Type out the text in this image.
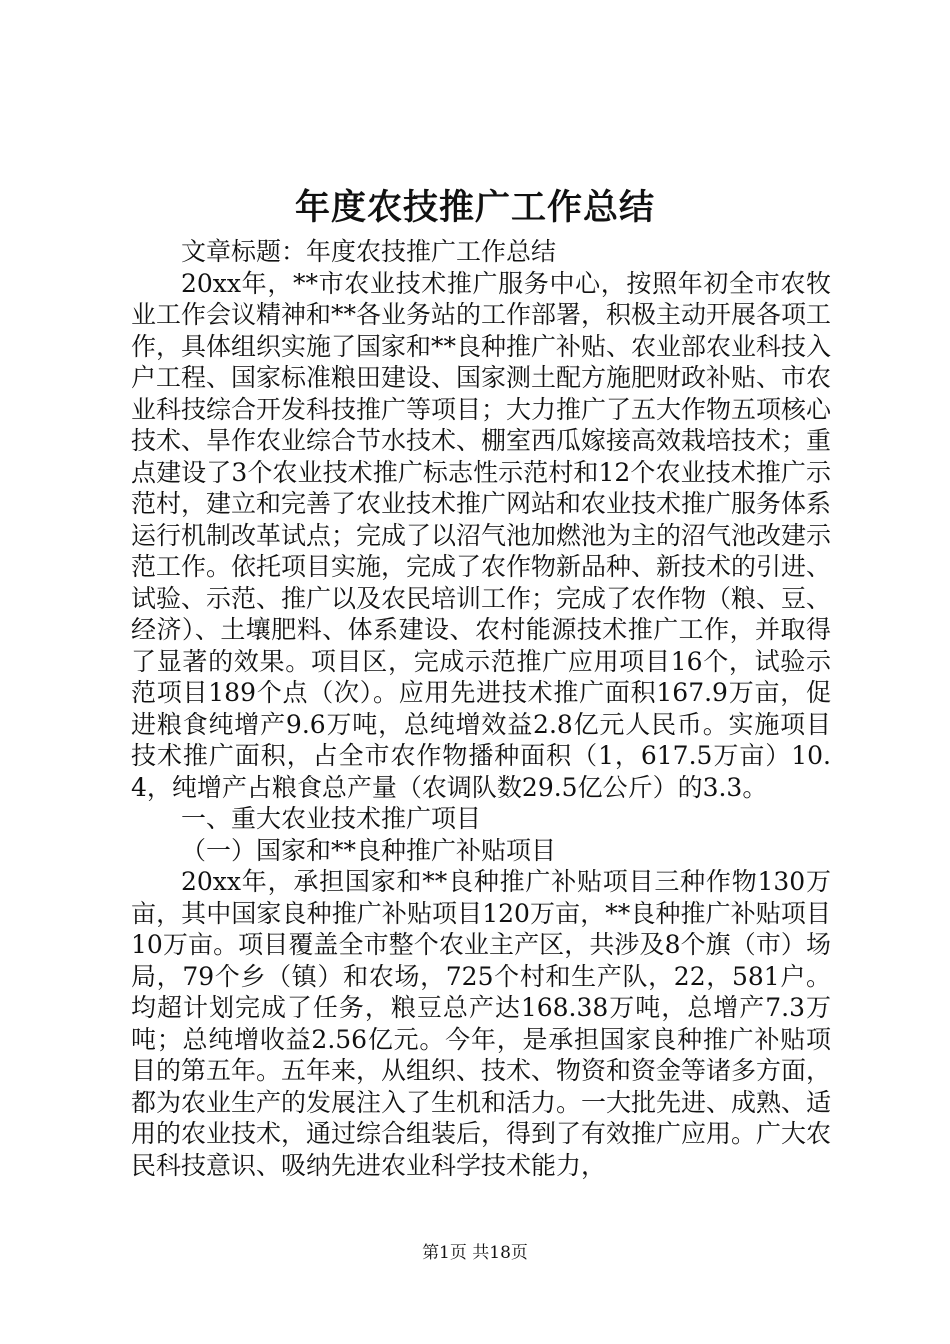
年度农技推广工作总结

文章标题：年度农技推广工作总结

20xx年，**市农业技术推广服务中心，按照年初全市农牧业工作会议精神和**各业务站的工作部署，积极主动开展各项工作，具体组织实施了国家和**良种推广补贴、农业部农业科技入户工程、国家标准粮田建设、国家测土配方施肥财政补贴、市农业科技综合开发科技推广等项目；大力推广了五大作物五项核心技术、旱作农业综合节水技术、棚室西瓜嫁接高效栽培技术；重点建设了3个农业技术推广标志性示范村和12个农业技术推广示范村，建立和完善了农业技术推广网站和农业技术推广服务体系运行机制改革试点；完成了以沼气池加燃池为主的沼气池改建示范工作。依托项目实施，完成了农作物新品种、新技术的引进、试验、示范、推广以及农民培训工作；完成了农作物（粮、豆、经济）、土壤肥料、体系建设、农村能源技术推广工作，并取得了显著的效果。项目区，完成示范推广应用项目16个，试验示范项目189个点（次）。应用先进技术推广面积167.9万亩，促进粮食纯增产9.6万吨，总纯增效益2.8亿元人民币。实施项目技术推广面积，占全市农作物播种面积（1，617.5万亩）10.4，纯增产占粮食总产量（农调队数29.5亿公斤）的3.3。

一、重大农业技术推广项目

（一）国家和**良种推广补贴项目

20xx年，承担国家和**良种推广补贴项目三种作物130万亩，其中国家良种推广补贴项目120万亩，**良种推广补贴项目10万亩。项目覆盖全市整个农业主产区，共涉及8个旗（市）场局，79个乡（镇）和农场，725个村和生产队，22，581户。均超计划完成了任务，粮豆总产达168.38万吨，总增产7.3万吨；总纯增收益2.56亿元。今年，是承担国家良种推广补贴项目的第五年。五年来，从组织、技术、物资和资金等诸多方面，都为农业生产的发展注入了生机和活力。一大批先进、成熟、适用的农业技术，通过综合组装后，得到了有效推广应用。广大农民科技意识、吸纳先进农业科学技术能力，

第1页 共18页
